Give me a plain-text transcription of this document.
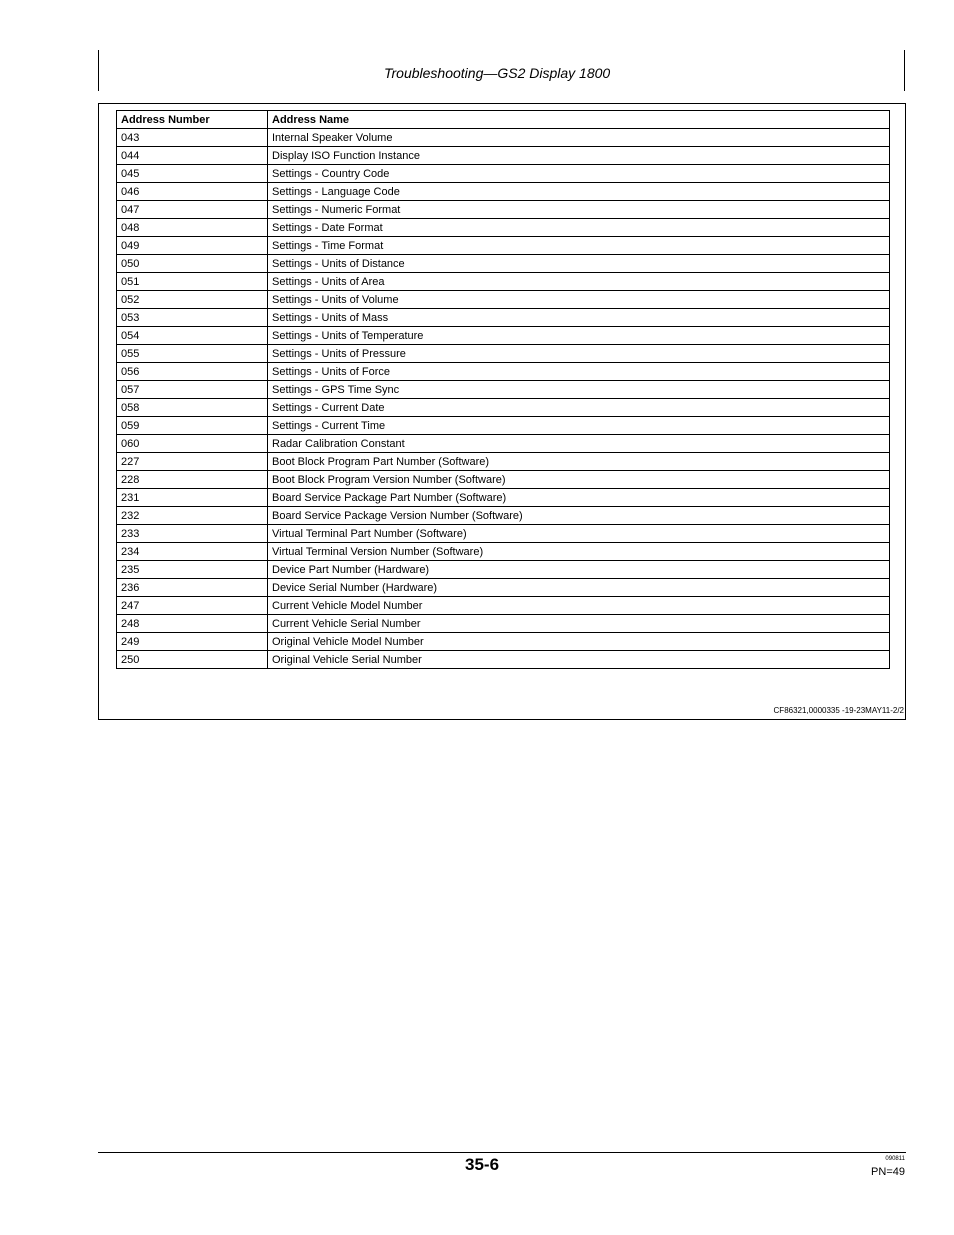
Troubleshooting—GS2 Display 1800
Address Number	Address Name
043	Internal Speaker Volume
044	Display ISO Function Instance
045	Settings - Country Code
046	Settings - Language Code
047	Settings - Numeric Format
048	Settings - Date Format
049	Settings - Time Format
050	Settings - Units of Distance
051	Settings - Units of Area
052	Settings - Units of Volume
053	Settings - Units of Mass
054	Settings - Units of Temperature
055	Settings - Units of Pressure
056	Settings - Units of Force
057	Settings - GPS Time Sync
058	Settings - Current Date
059	Settings - Current Time
060	Radar Calibration Constant
227	Boot Block Program Part Number (Software)
228	Boot Block Program Version Number (Software)
231	Board Service Package Part Number (Software)
232	Board Service Package Version Number (Software)
233	Virtual Terminal Part Number (Software)
234	Virtual Terminal Version Number (Software)
235	Device Part Number (Hardware)
236	Device Serial Number (Hardware)
247	Current Vehicle Model Number
248	Current Vehicle Serial Number
249	Original Vehicle Model Number
250	Original Vehicle Serial Number
CF86321,0000335 -19-23MAY11-2/2
35-6	090811
PN=49
